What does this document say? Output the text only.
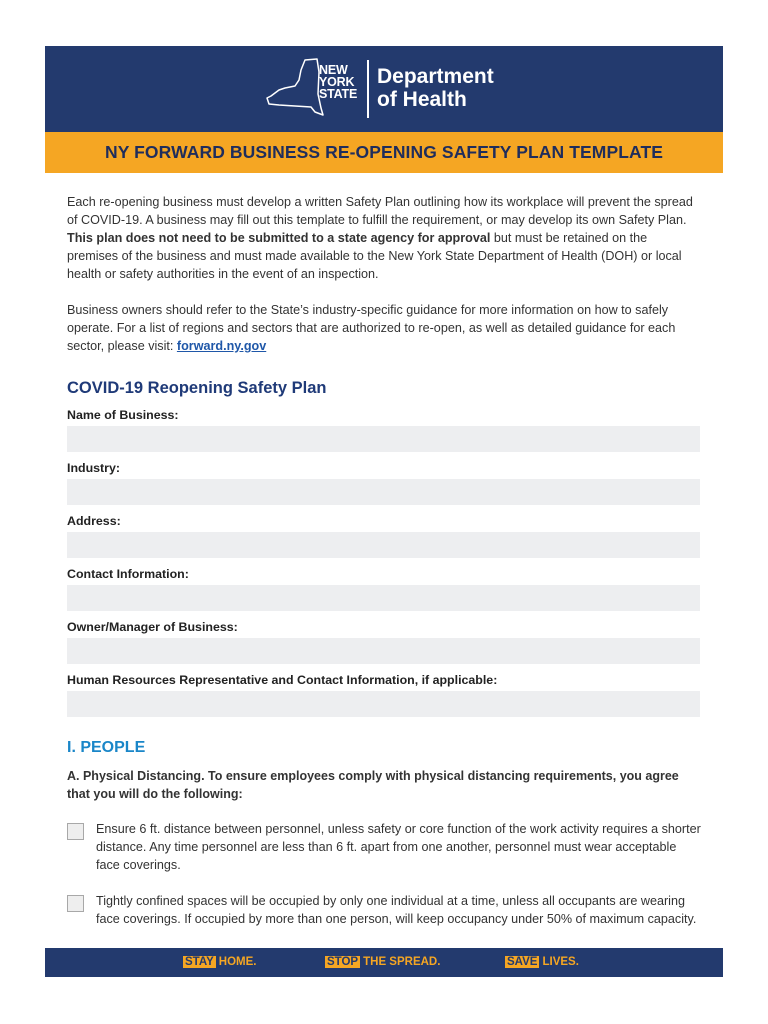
NEW
YORK
STATE
Department
of Health
NY FORWARD BUSINESS RE-OPENING SAFETY PLAN TEMPLATE

Each re-opening business must develop a written Safety Plan outlining how its workplace will prevent the spread of COVID-19. A business may fill out this template to fulfill the requirement, or may develop its own Safety Plan. This plan does not need to be submitted to a state agency for approval but must be retained on the premises of the business and must made available to the New York State Department of Health (DOH) or local health or safety authorities in the event of an inspection.

Business owners should refer to the State’s industry-specific guidance for more information on how to safely operate. For a list of regions and sectors that are authorized to re-open, as well as detailed guidance for each sector, please visit: forward.ny.gov

COVID-19 Reopening Safety Plan
Name of Business:
Industry:
Address:
Contact Information:
Owner/Manager of Business:
Human Resources Representative and Contact Information, if applicable:
I. PEOPLE
A. Physical Distancing. To ensure employees comply with physical distancing requirements, you agree that you will do the following:
Ensure 6 ft. distance between personnel, unless safety or core function of the work activity requires a shorter distance. Any time personnel are less than 6 ft. apart from one another, personnel must wear acceptable face coverings.
Tightly confined spaces will be occupied by only one individual at a time, unless all occupants are wearing face coverings. If occupied by more than one person, will keep occupancy under 50% of maximum capacity.
STAY HOME.	STOP THE SPREAD.	SAVE LIVES.
